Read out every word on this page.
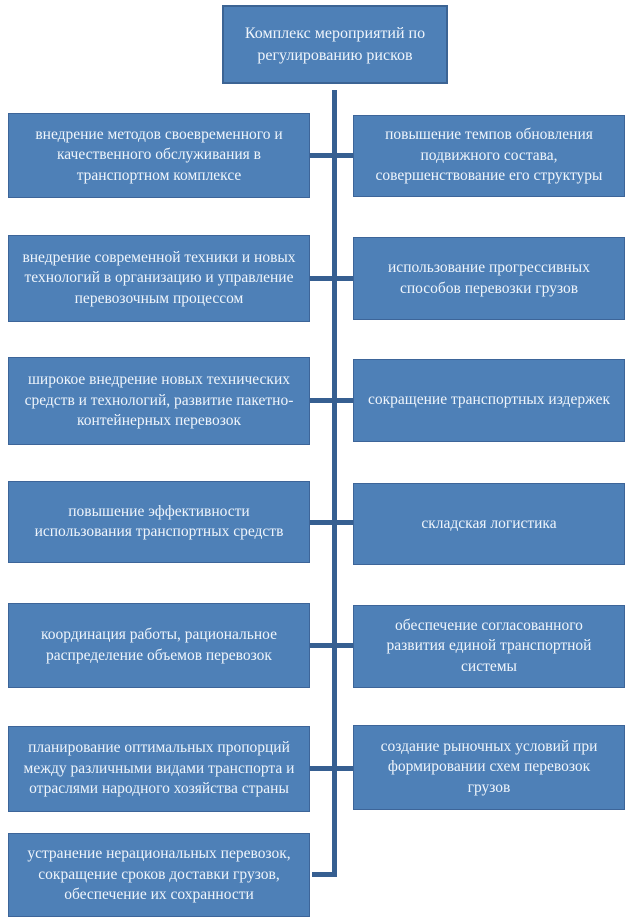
Комплекс мероприятий по регулированию рисков
внедрение методов своевременного и качественного обслуживания в транспортном комплексе
внедрение современной техники и новых технологий в организацию и управление перевозочным процессом
широкое внедрение новых технических средств и технологий, развитие пакетно-контейнерных перевозок
повышение эффективности использования транспортных средств
координация работы, рациональное распределение объемов перевозок
планирование оптимальных пропорций между различными видами транспорта и отраслями народного хозяйства страны
устранение нерациональных перевозок, сокращение сроков доставки грузов, обеспечение их сохранности
повышение темпов обновления подвижного состава, совершенствование его структуры
использование прогрессивных способов перевозки грузов
сокращение транспортных издержек
складская логистика
обеспечение согласованного развития единой транспортной системы
создание рыночных условий при формировании схем перевозок грузов
